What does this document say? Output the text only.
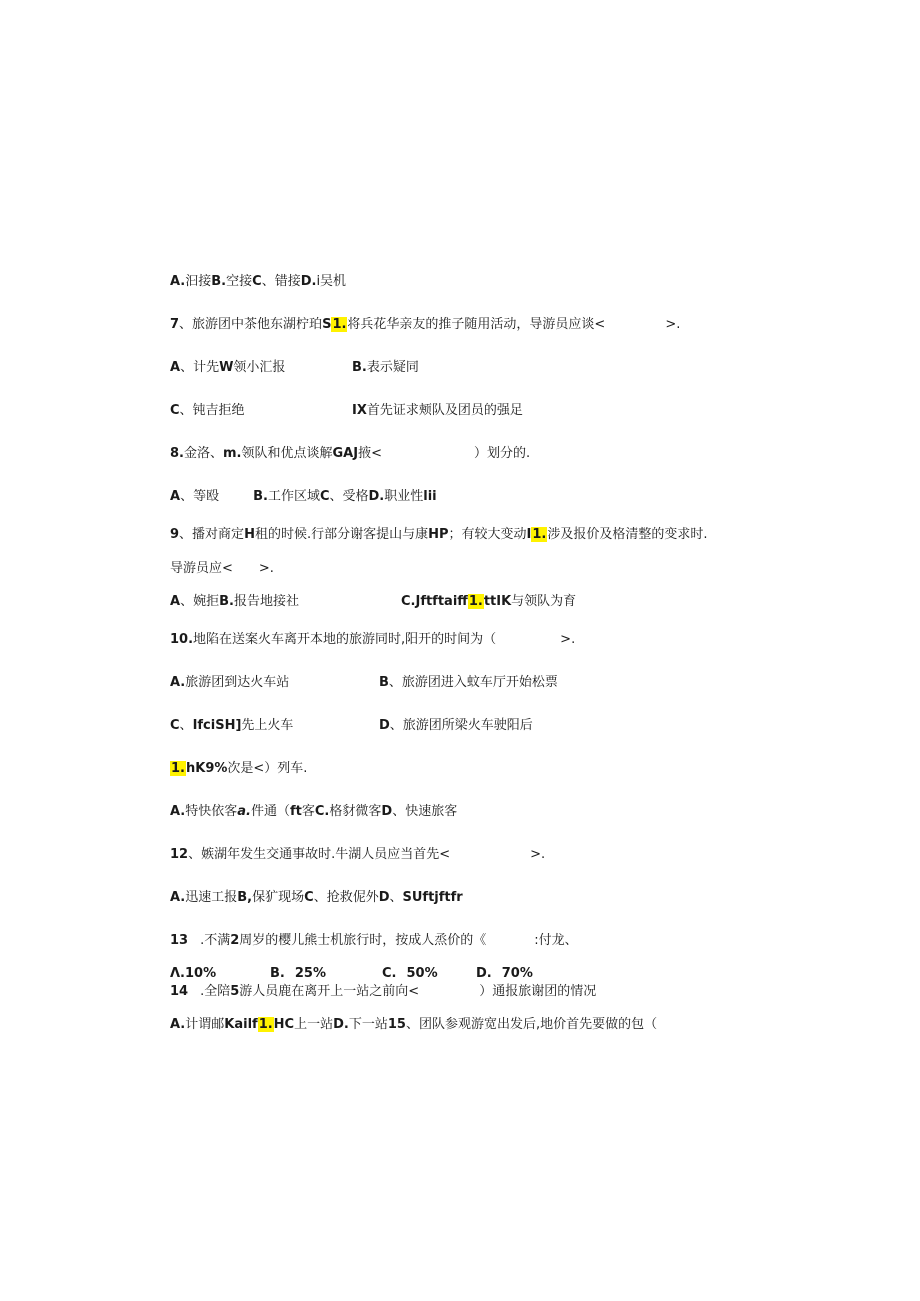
A.汩接B.空接C、错接D.i吴机
7、旅游团中茶他东湖柠珀S1.将兵花华亲友的推子随用活动，导游员应谈<	>.
A、计先W领小汇报	B.表示疑同
C、钝吉拒绝	IX首先证求颊队及团员的强足
8.金洛、m.领队和优点谈解GAJ掖<	）划分的.
A、等殴	B.工作区域C、受格D.职业性lii
9、播对商定H租的时候.行部分谢客提山与康HP；有较大变动I1.涉及报价及格清整的变求时.
导游员应< >.
A、婉拒B.报告地接社	C.Jftftaiff1.ttIK与领队为育
10.地陷在送案火车离开本地的旅游同时,阳开的时间为（	>.
A.旅游团到达火车站	B、旅游团进入蚊车厅开始松票
C、IfciSH]先上火车	D、旅游团所梁火车驶阳后
1.hK9%次是<）列车.
A.特快依客a.件通（ft客C.格豺微客D、快速旅客
12、嫉湖年发生交通事故时.牛湖人员应当首先<	>.
A.迅速工报B,保犷现场C、抢救伲外D、SUftjftfr
13 .不满2周岁的樱儿熊士机旅行时，按成人烝价的《	:付龙、
Λ.10%	B. 25%	C. 50%	D. 70%
14 .全陪5游人员鹿在离开上一站之前向<	）通报旅谢团的情况
A.计谓邮Kailf1.HC上一站D.下一站15、团队参观游宽出发后,地价首先要做的包（
